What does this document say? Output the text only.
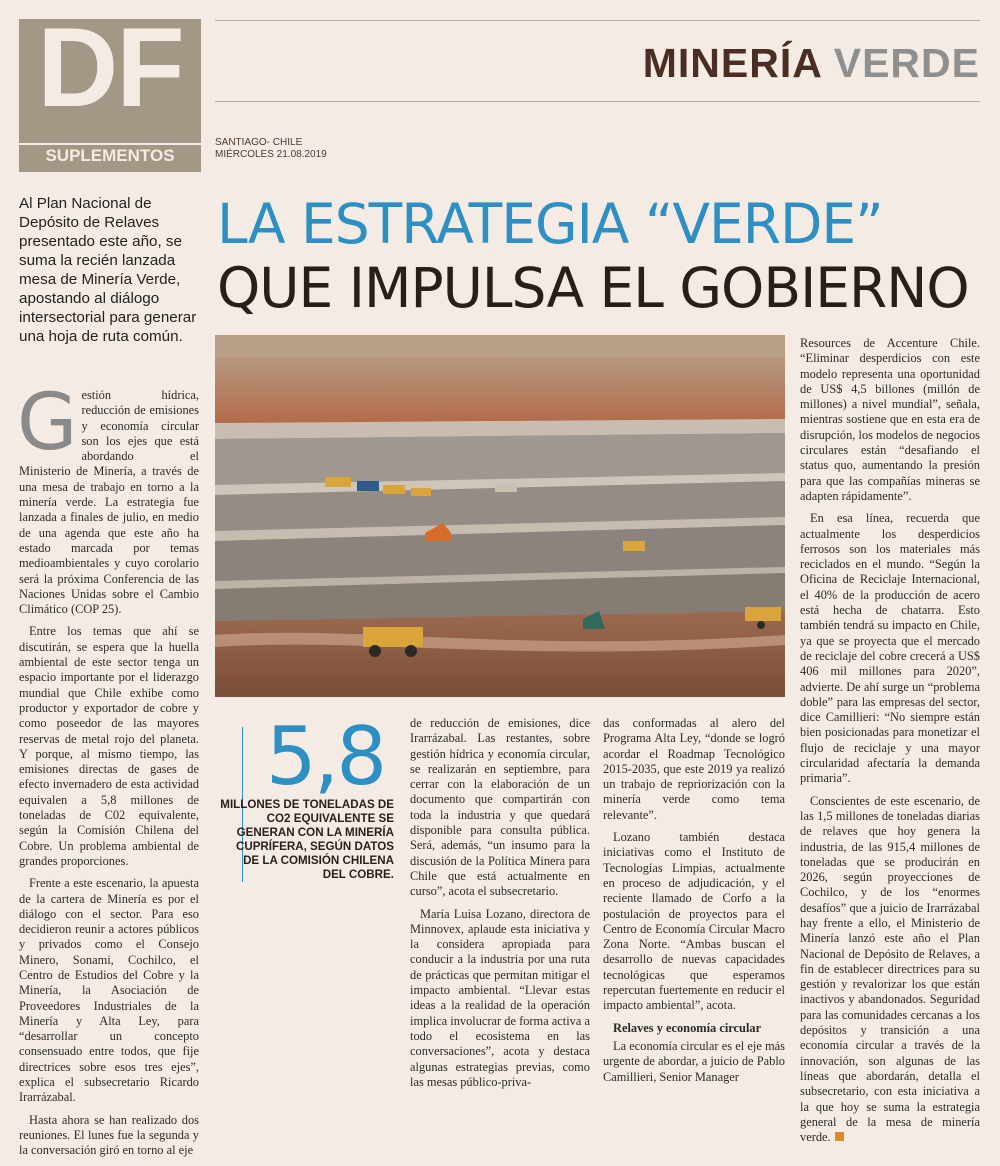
DF
SUPLEMENTOS
MINERÍA VERDE
SANTIAGO- CHILE
MIÉRCOLES 21.08.2019
Al Plan Nacional de Depósito de Relaves presentado este año, se suma la recién lanzada mesa de Minería Verde, apostando al diálogo intersectorial para generar una hoja de ruta común.
LA ESTRATEGIA “VERDE”
QUE IMPULSA EL GOBIERNO

Gestión hídrica, reducción de emisiones y economía circular son los ejes que está abordando el Ministerio de Minería, a través de una mesa de trabajo en torno a la minería verde. La estrategia fue lanzada a finales de julio, en medio de una agenda que este año ha estado marcada por temas medioambientales y cuyo corolario será la próxima Conferencia de las Naciones Unidas sobre el Cambio Climático (COP 25).

Entre los temas que ahí se discutirán, se espera que la huella ambiental de este sector tenga un espacio importante por el liderazgo mundial que Chile exhibe como productor y exportador de cobre y como poseedor de las mayores reservas de metal rojo del planeta. Y porque, al mismo tiempo, las emisiones directas de gases de efecto invernadero de esta actividad equivalen a 5,8 millones de toneladas de C02 equivalente, según la Comisión Chilena del Cobre. Un problema ambiental de grandes proporciones.

Frente a este escenario, la apuesta de la cartera de Minería es por el diálogo con el sector. Para eso decidieron reunir a actores públicos y privados como el Consejo Minero, Sonami, Cochilco, el Centro de Estudios del Cobre y la Minería, la Asociación de Proveedores Industriales de la Minería y Alta Ley, para “desarrollar un concepto consensuado entre todos, que fije directrices sobre esos tres ejes”, explica el subsecretario Ricardo Irarrázabal.

Hasta ahora se han realizado dos reuniones. El lunes fue la segunda y la conversación giró en torno al eje

5,8
MILLONES DE TONELADAS DE CO2 EQUIVALENTE SE GENERAN CON LA MINERÍA CUPRÍFERA, SEGÚN DATOS DE LA COMISIÓN CHILENA DEL COBRE.

de reducción de emisiones, dice Irarrázabal. Las restantes, sobre gestión hídrica y economía circular, se realizarán en septiembre, para cerrar con la elaboración de un documento que compartirán con toda la industria y que quedará disponible para consulta pública. Será, además, “un insumo para la discusión de la Política Minera para Chile que está actualmente en curso”, acota el subsecretario.

María Luisa Lozano, directora de Minnovex, aplaude esta iniciativa y la considera apropiada para conducir a la industria por una ruta de prácticas que permitan mitigar el impacto ambiental. “Llevar estas ideas a la realidad de la operación implica involucrar de forma activa a todo el ecosistema en las conversaciones”, acota y destaca algunas estrategias previas, como las mesas público-priva-

das conformadas al alero del Programa Alta Ley, “donde se logró acordar el Roadmap Tecnológico 2015-2035, que este 2019 ya realizó un trabajo de repriorización con la minería verde como tema relevante”.

Lozano también destaca iniciativas como el Instituto de Tecnologías Limpias, actualmente en proceso de adjudicación, y el reciente llamado de Corfo a la postulación de proyectos para el Centro de Economía Circular Macro Zona Norte. “Ambas buscan el desarrollo de nuevas capacidades tecnológicas que esperamos repercutan fuertemente en reducir el impacto ambiental”, acota.

Relaves y economía circular

La economía circular es el eje más urgente de abordar, a juicio de Pablo Camillieri, Senior Manager

Resources de Accenture Chile. “Eliminar desperdicios con este modelo representa una oportunidad de US$ 4,5 billones (millón de millones) a nivel mundial”, señala, mientras sostiene que en esta era de disrupción, los modelos de negocios circulares están “desafiando el status quo, aumentando la presión para que las compañías mineras se adapten rápidamente”.

En esa línea, recuerda que actualmente los desperdicios ferrosos son los materiales más reciclados en el mundo. “Según la Oficina de Reciclaje Internacional, el 40% de la producción de acero está hecha de chatarra. Esto también tendrá su impacto en Chile, ya que se proyecta que el mercado de reciclaje del cobre crecerá a US$ 406 mil millones para 2020”, advierte. De ahí surge un “problema doble” para las empresas del sector, dice Camillieri: “No siempre están bien posicionadas para monetizar el flujo de reciclaje y una mayor circularidad afectaría la demanda primaria”.

Conscientes de este escenario, de las 1,5 millones de toneladas diarias de relaves que hoy genera la industria, de las 915,4 millones de toneladas que se producirán en 2026, según proyecciones de Cochilco, y de los “enormes desafíos” que a juicio de Irarrázabal hay frente a ello, el Ministerio de Minería lanzó este año el Plan Nacional de Depósito de Relaves, a fin de establecer directrices para su gestión y revalorizar los que están inactivos y abandonados. Seguridad para las comunidades cercanas a los depósitos y transición a una economía circular a través de la innovación, son algunas de las líneas que abordarán, detalla el subsecretario, con esta iniciativa a la que hoy se suma la estrategia general de la mesa de minería verde.
